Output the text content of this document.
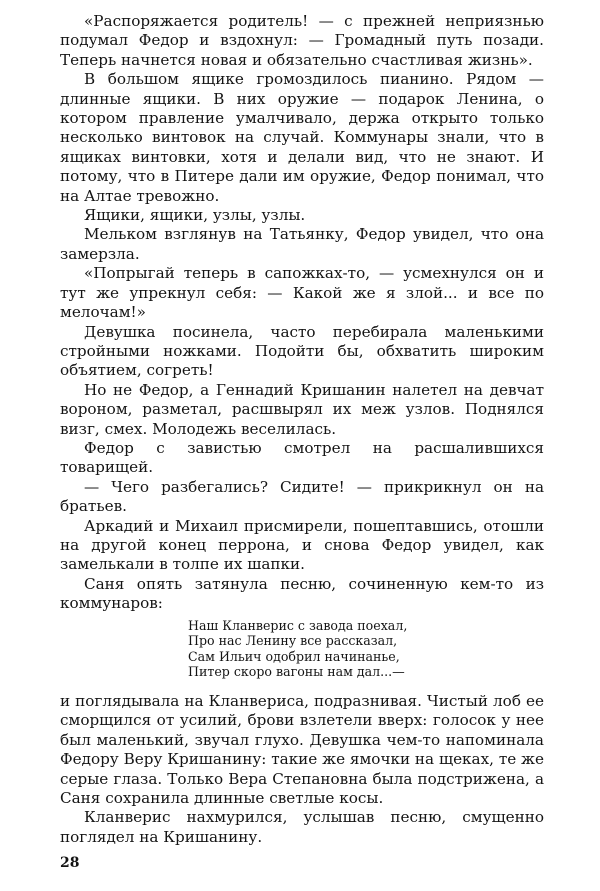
«Распоряжается родитель! — с прежней неприязнью подумал Федор и вздохнул: — Громадный путь позади. Теперь начнется новая и обязательно счастливая жизнь».

В большом ящике громоздилось пианино. Рядом — длинные ящики. В них оружие — подарок Ленина, о котором правление умалчивало, держа открыто только несколько винтовок на случай. Коммунары знали, что в ящиках винтовки, хотя и делали вид, что не знают. И потому, что в Питере дали им оружие, Федор понимал, что на Алтае тревожно.

Ящики, ящики, узлы, узлы.

Мельком взглянув на Татьянку, Федор увидел, что она замерзла.

«Попрыгай теперь в сапожках-то, — усмехнулся он и тут же упрекнул себя: — Какой же я злой... и все по мелочам!»

Девушка посинела, часто перебирала маленькими стройными ножками. Подойти бы, обхватить широким объятием, согреть!

Но не Федор, а Геннадий Кришанин налетел на девчат вороном, разметал, расшвырял их меж узлов. Поднялся визг, смех. Молодежь веселилась.

Федор с завистью смотрел на расшалившихся товарищей.

— Чего разбегались? Сидите! — прикрикнул он на братьев.

Аркадий и Михаил присмирели, пошептавшись, отошли на другой конец перрона, и снова Федор увидел, как замелькали в толпе их шапки.

Саня опять затянула песню, сочиненную кем-то из коммунаров:

Наш Кланверис с завода поехал,
Про нас Ленину все рассказал,
Сам Ильич одобрил начинанье,
Питер скоро вагоны нам дал...—

и поглядывала на Кланвериса, подразнивая. Чистый лоб ее сморщился от усилий, брови взлетели вверх: голосок у нее был маленький, звучал глухо. Девушка чем-то напоминала Федору Веру Кришанину: такие же ямочки на щеках, те же серые глаза. Только Вера Степановна была подстрижена, а Саня сохранила длинные светлые косы.

Кланверис нахмурился, услышав песню, смущенно поглядел на Кришанину.

28
